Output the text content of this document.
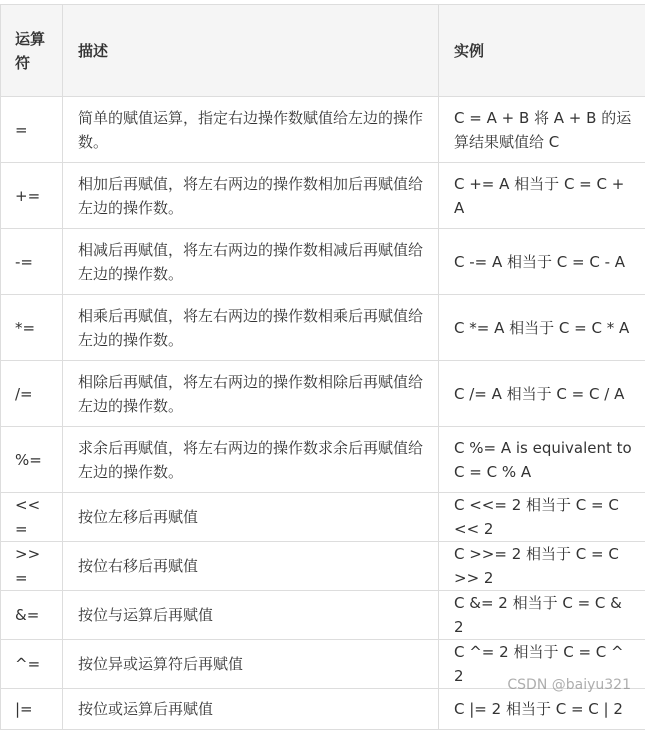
运算符	描述	实例
=	简单的赋值运算，指定右边操作数赋值给左边的操作数。	C = A + B 将 A + B 的运算结果赋值给 C
+=	相加后再赋值，将左右两边的操作数相加后再赋值给左边的操作数。	C += A 相当于 C = C + A
-=	相减后再赋值，将左右两边的操作数相减后再赋值给左边的操作数。	C -= A 相当于 C = C - A
*=	相乘后再赋值，将左右两边的操作数相乘后再赋值给左边的操作数。	C *= A 相当于 C = C * A
/=	相除后再赋值，将左右两边的操作数相除后再赋值给左边的操作数。	C /= A 相当于 C = C / A
%=	求余后再赋值，将左右两边的操作数求余后再赋值给左边的操作数。	C %= A is equivalent to C = C % A
<<=	按位左移后再赋值	C <<= 2 相当于 C = C << 2
>>=	按位右移后再赋值	C >>= 2 相当于 C = C >> 2
&=	按位与运算后再赋值	C &= 2 相当于 C = C & 2
^=	按位异或运算符后再赋值	C ^= 2 相当于 C = C ^ 2
|=	按位或运算后再赋值	C |= 2 相当于 C = C | 2
CSDN @baiyu321
